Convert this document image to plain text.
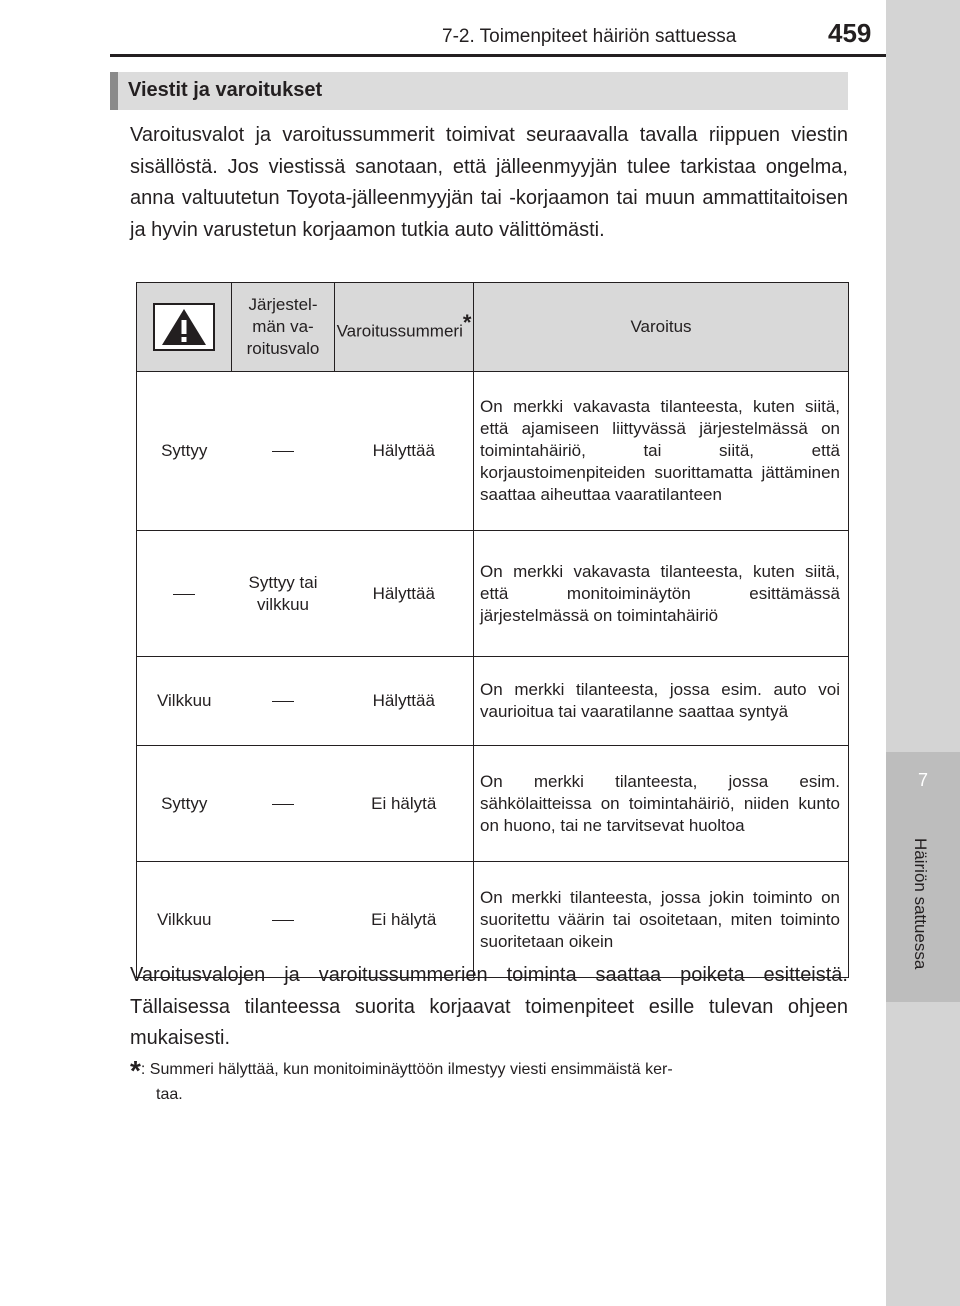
7
Häiriön sattuessa
7-2. Toimenpiteet häiriön sattuessa	459
Viestit ja varoitukset
Varoitusvalot ja varoitussummerit toimivat seuraavalla tavalla riippuen viestin sisällöstä. Jos viestissä sanotaan, että jälleenmyyjän tulee tarkistaa ongelma, anna valtuutetun Toyota-jälleenmyyjän tai -korjaamon tai muun ammattitaitoisen ja hyvin varustetun korjaamon tutkia auto välittömästi.
	Järjestel-
män va-
roitusvalo	Varoitussummeri*	Varoitus
Syttyy		Hälyttää	On merkki vakavasta tilanteesta, kuten siitä, että ajamiseen liittyvässä järjestelmässä on toimintahäiriö, tai siitä, että korjaustoimenpiteiden suorittamatta jättäminen saattaa aiheuttaa vaaratilanteen
	Syttyy tai vilkkuu	Hälyttää	On merkki vakavasta tilanteesta, kuten siitä, että monitoiminäytön esittämässä järjestelmässä on toimintahäiriö
Vilkkuu		Hälyttää	On merkki tilanteesta, jossa esim. auto voi vaurioitua tai vaaratilanne saattaa syntyä
Syttyy		Ei hälytä	On merkki tilanteesta, jossa esim. sähkölaitteissa on toimintahäiriö, niiden kunto on huono, tai ne tarvitsevat huoltoa
Vilkkuu		Ei hälytä	On merkki tilanteesta, jossa jokin toiminto on suoritettu väärin tai osoitetaan, miten toiminto suoritetaan oikein
Varoitusvalojen ja varoitussummerien toiminta saattaa poiketa esitteistä. Tällaisessa tilanteessa suorita korjaavat toimenpiteet esille tulevan ohjeen mukaisesti.
*: Summeri hälyttää, kun monitoiminäyttöön ilmestyy viesti ensimmäistä ker-
taa.
